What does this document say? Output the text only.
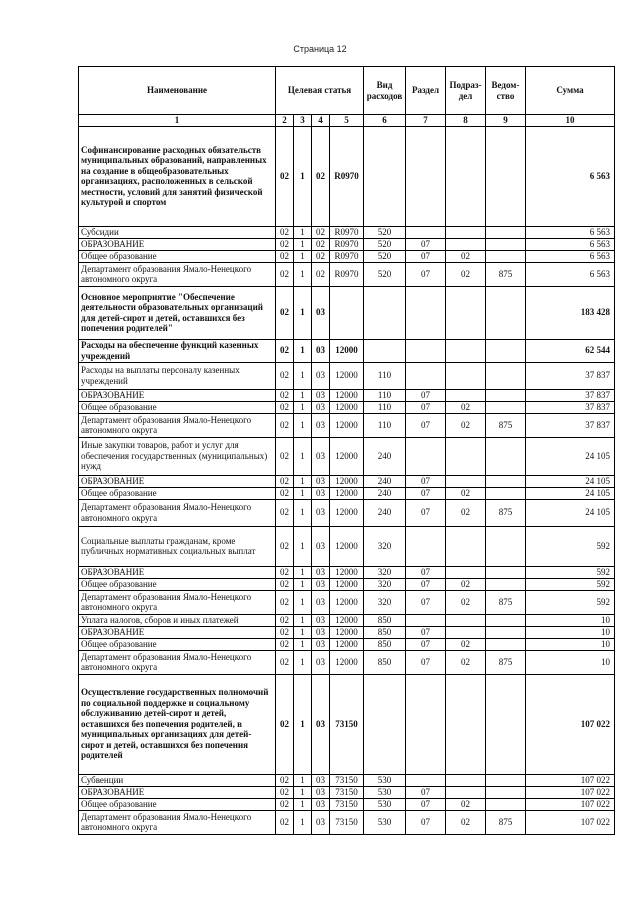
Страница 12
Наименование	Целевая статья				Вид расходов	Раздел	Подраз-дел	Ведом-ство	Сумма
1	2	3	4	5	6	7	8	9	10
Софинансирование расходных обязательств муниципальных образований, направленных на создание в общеобразовательных организациях, расположенных в сельской местности, условий для занятий физической культурой и спортом	02	1	02	R0970					6 563
Субсидии	02	1	02	R0970	520				6 563
ОБРАЗОВАНИЕ	02	1	02	R0970	520	07			6 563
Общее образование	02	1	02	R0970	520	07	02		6 563
Департамент образования Ямало-Ненецкого автономного округа	02	1	02	R0970	520	07	02	875	6 563
Основное мероприятие "Обеспечение деятельности образовательных организаций для детей-сирот и детей, оставшихся без попечения родителей"	02	1	03						183 428
Расходы на обеспечение функций казенных учреждений	02	1	03	12000					62 544
Расходы на выплаты персоналу казенных учреждений	02	1	03	12000	110				37 837
ОБРАЗОВАНИЕ	02	1	03	12000	110	07			37 837
Общее образование	02	1	03	12000	110	07	02		37 837
Департамент образования Ямало-Ненецкого автономного округа	02	1	03	12000	110	07	02	875	37 837
Иные закупки товаров, работ и услуг для обеспечения государственных (муниципальных) нужд	02	1	03	12000	240				24 105
ОБРАЗОВАНИЕ	02	1	03	12000	240	07			24 105
Общее образование	02	1	03	12000	240	07	02		24 105
Департамент образования Ямало-Ненецкого автономного округа	02	1	03	12000	240	07	02	875	24 105
Социальные выплаты гражданам, кроме публичных нормативных социальных выплат	02	1	03	12000	320				592
ОБРАЗОВАНИЕ	02	1	03	12000	320	07			592
Общее образование	02	1	03	12000	320	07	02		592
Департамент образования Ямало-Ненецкого автономного округа	02	1	03	12000	320	07	02	875	592
Уплата налогов, сборов и иных платежей	02	1	03	12000	850				10
ОБРАЗОВАНИЕ	02	1	03	12000	850	07			10
Общее образование	02	1	03	12000	850	07	02		10
Департамент образования Ямало-Ненецкого автономного округа	02	1	03	12000	850	07	02	875	10
Осуществление государственных полномочий по социальной поддержке и социальному обслуживанию детей-сирот и детей, оставшихся без попечения родителей, в муниципальных организациях для детей-сирот и детей, оставшихся без попечения родителей	02	1	03	73150					107 022
Субвенции	02	1	03	73150	530				107 022
ОБРАЗОВАНИЕ	02	1	03	73150	530	07			107 022
Общее образование	02	1	03	73150	530	07	02		107 022
Департамент образования Ямало-Ненецкого автономного округа	02	1	03	73150	530	07	02	875	107 022
